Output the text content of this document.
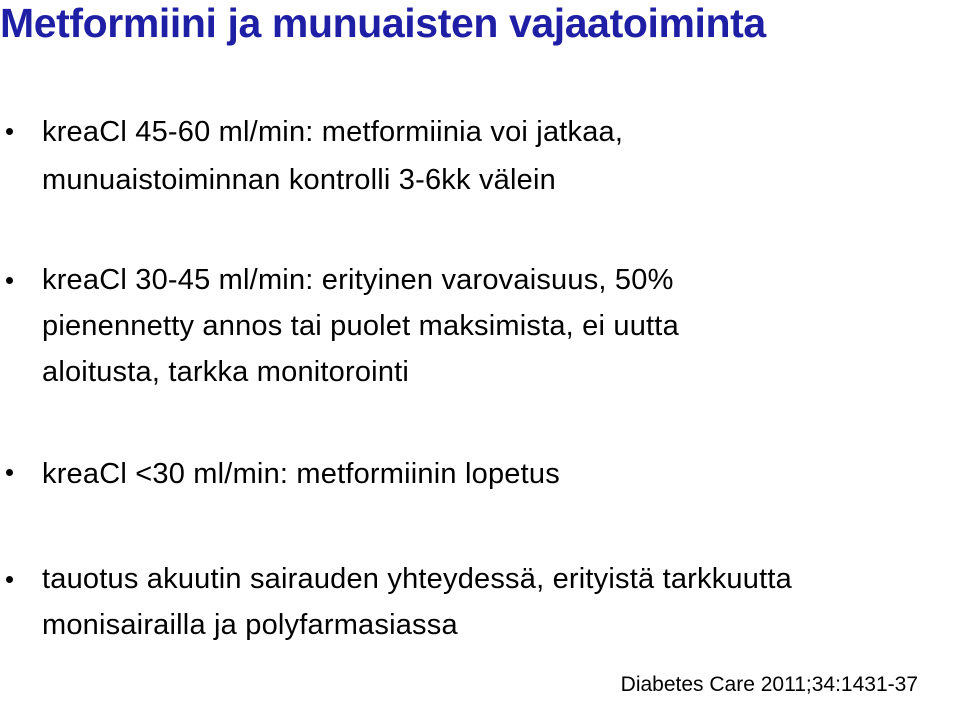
Metformiini ja munuaisten vajaatoiminta
kreaCl 45-60 ml/min: metformiinia voi jatkaa,
munuaistoiminnan kontrolli 3-6kk välein
kreaCl 30-45 ml/min: erityinen varovaisuus, 50%
pienennetty annos tai puolet maksimista, ei uutta
aloitusta, tarkka monitorointi
kreaCl <30 ml/min: metformiinin lopetus
tauotus akuutin sairauden yhteydessä, erityistä tarkkuutta
monisairailla ja polyfarmasiassa
Diabetes Care 2011;34:1431-37
